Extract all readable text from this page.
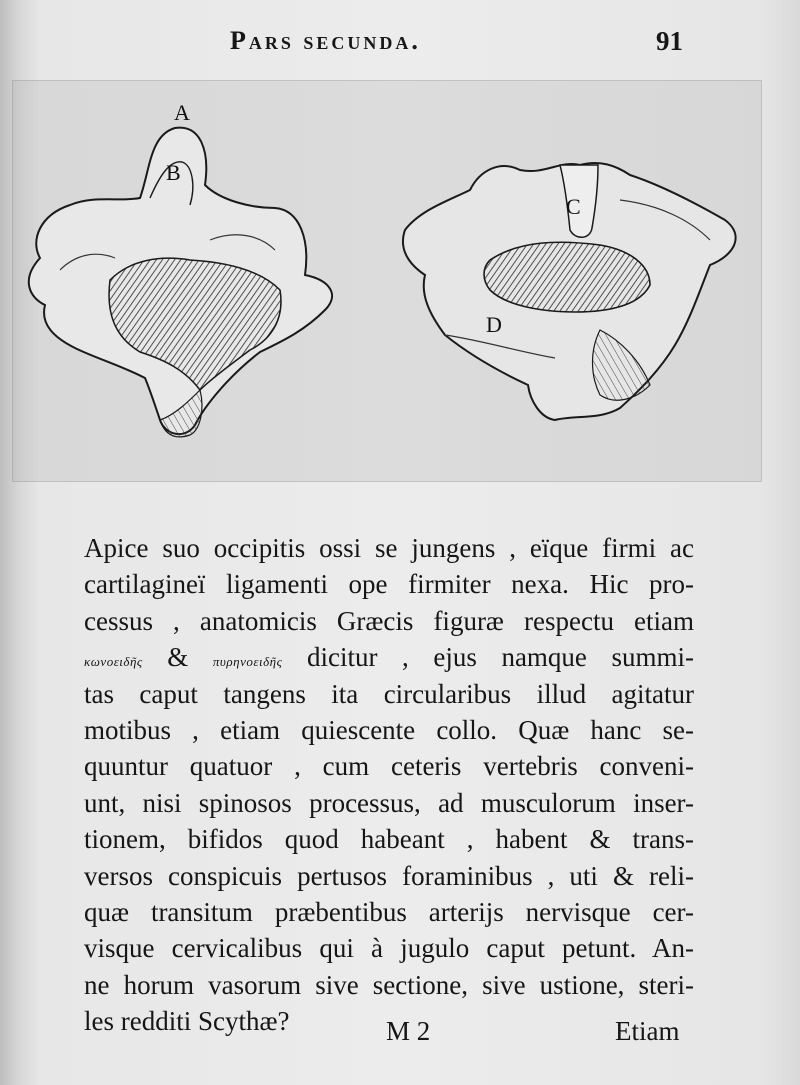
Pars secunda.	91
A
B
C
D
Apice suo occipitis ossi se jungens , eïque firmi ac
cartilagineï ligamenti ope firmiter nexa. Hic pro-
cessus , anatomicis Græcis figuræ respectu etiam
κωνοειδῆς & πυρηνοειδῆς dicitur , ejus namque summi-
tas caput tangens ita circularibus illud agitatur
motibus , etiam quiescente collo. Quæ hanc se-
quuntur quatuor , cum ceteris vertebris conveni-
unt, nisi spinosos processus, ad musculorum inser-
tionem, bifidos quod habeant , habent & trans-
versos conspicuis pertusos foraminibus , uti & reli-
quæ transitum præbentibus arterijs nervisque cer-
visque cervicalibus qui à jugulo caput petunt. An-
ne horum vasorum sive sectione, sive ustione, steri-
les redditi Scythæ?	M 2	Etiam
